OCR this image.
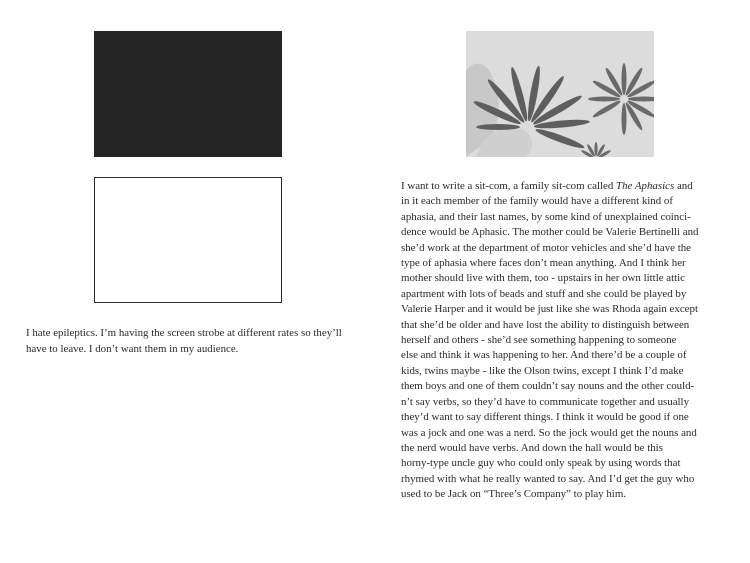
I hate epileptics. I’m having the screen strobe at different rates so they’ll have to leave. I don’t want them in my audience.

I want to write a sit-com, a family sit-com called The Aphasics and
in it each member of the family would have a different kind of
aphasia, and their last names, by some kind of unexplained coinci-
dence would be Aphasic. The mother could be Valerie Bertinelli and
she’d work at the department of motor vehicles and she’d have the
type of aphasia where faces don’t mean anything. And I think her
mother should live with them, too - upstairs in her own little attic
apartment with lots of beads and stuff and she could be played by
Valerie Harper and it would be just like she was Rhoda again except
that she’d be older and have lost the ability to distinguish between
herself and others - she’d see something happening to someone
else and think it was happening to her. And there’d be a couple of
kids, twins maybe - like the Olson twins, except I think I’d make
them boys and one of them couldn’t say nouns and the other could-
n’t say verbs, so they’d have to communicate together and usually
they’d want to say different things. I think it would be good if one
was a jock and one was a nerd. So the jock would get the nouns and
the nerd would have verbs. And down the hall would be this
horny-type uncle guy who could only speak by using words that
rhymed with what he really wanted to say. And I’d get the guy who
used to be Jack on “Three’s Company” to play him.
